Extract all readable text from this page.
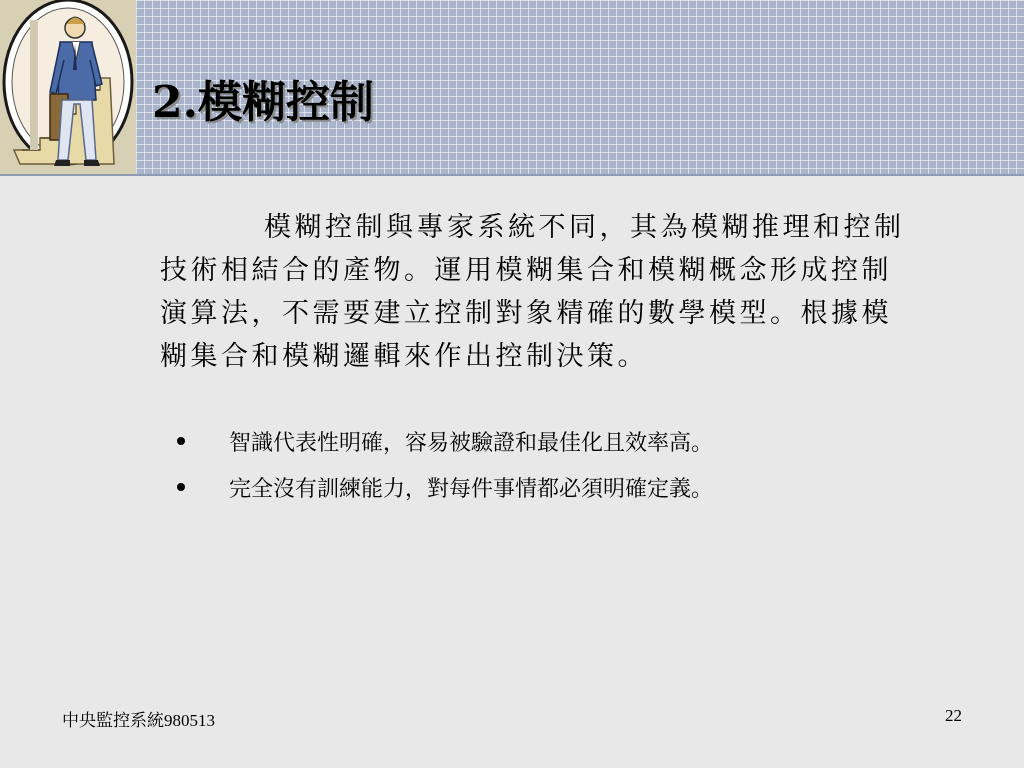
2.模糊控制

模糊控制與專家系統不同，其為模糊推理和控制技術相結合的產物。運用模糊集合和模糊概念形成控制演算法，不需要建立控制對象精確的數學模型。根據模糊集合和模糊邏輯來作出控制決策。

智識代表性明確，容易被驗證和最佳化且效率高。
完全沒有訓練能力，對每件事情都必須明確定義。
中央監控系統980513	22
